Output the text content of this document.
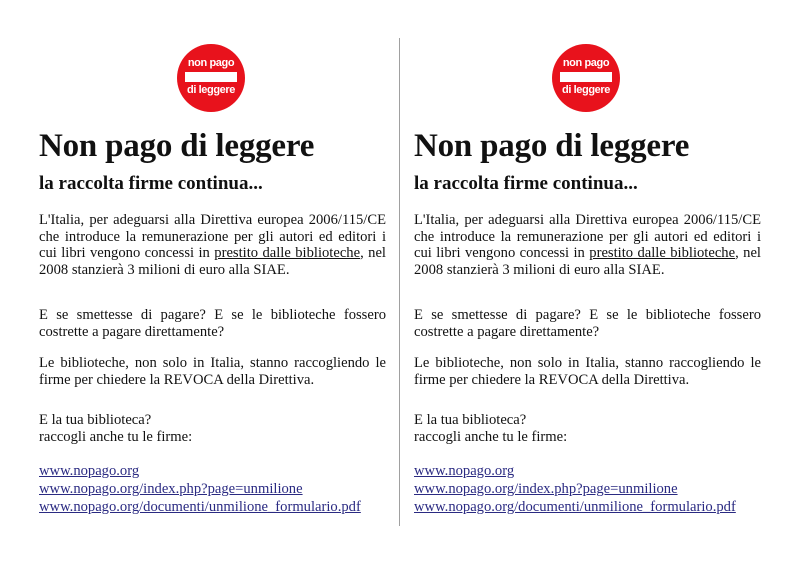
non pago
di leggere
Non pago di leggere
la raccolta firme continua...
L'Italia, per adeguarsi alla Direttiva europea 2006/115/CE che introduce la remunerazione per gli autori ed editori i cui libri vengono concessi in prestito dalle biblioteche, nel 2008 stanzierà 3 milioni di euro alla SIAE.
E se smettesse di pagare? E se le biblioteche fossero costrette a pagare direttamente?
Le biblioteche, non solo in Italia, stanno raccogliendo le firme per chiedere la REVOCA della Direttiva.
E la tua biblioteca?
raccogli anche tu le firme:
www.nopago.org
www.nopago.org/index.php?page=unmilione
www.nopago.org/documenti/unmilione_formulario.pdf
non pago
di leggere
Non pago di leggere
la raccolta firme continua...
L'Italia, per adeguarsi alla Direttiva europea 2006/115/CE che introduce la remunerazione per gli autori ed editori i cui libri vengono concessi in prestito dalle biblioteche, nel 2008 stanzierà 3 milioni di euro alla SIAE.
E se smettesse di pagare? E se le biblioteche fossero costrette a pagare direttamente?
Le biblioteche, non solo in Italia, stanno raccogliendo le firme per chiedere la REVOCA della Direttiva.
E la tua biblioteca?
raccogli anche tu le firme:
www.nopago.org
www.nopago.org/index.php?page=unmilione
www.nopago.org/documenti/unmilione_formulario.pdf
